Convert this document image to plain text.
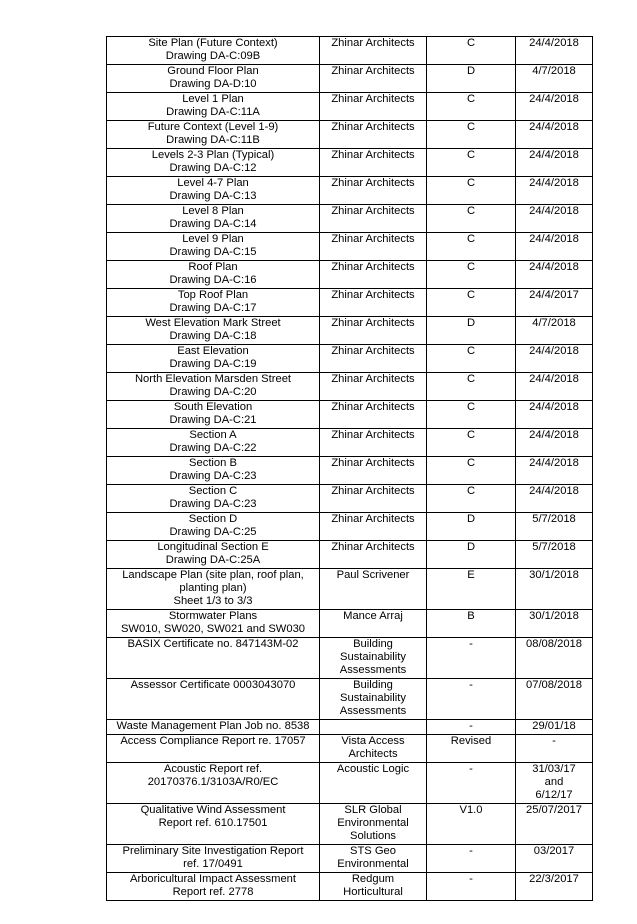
Site Plan (Future Context)
Drawing DA-C:09B	Zhinar Architects	C	24/4/2018

Ground Floor Plan
Drawing DA-D:10	Zhinar Architects	D	4/7/2018

Level 1 Plan
Drawing DA-C:11A	Zhinar Architects	C	24/4/2018

Future Context (Level 1-9)
Drawing DA-C:11B	Zhinar Architects	C	24/4/2018

Levels 2-3 Plan (Typical)
Drawing DA-C:12	Zhinar Architects	C	24/4/2018

Level 4-7 Plan
Drawing DA-C:13	Zhinar Architects	C	24/4/2018

Level 8 Plan
Drawing DA-C:14	Zhinar Architects	C	24/4/2018

Level 9 Plan
Drawing DA-C:15	Zhinar Architects	C	24/4/2018

Roof Plan
Drawing DA-C:16	Zhinar Architects	C	24/4/2018

Top Roof Plan
Drawing DA-C:17	Zhinar Architects	C	24/4/2017

West Elevation Mark Street
Drawing DA-C:18	Zhinar Architects	D	4/7/2018

East Elevation
Drawing DA-C:19	Zhinar Architects	C	24/4/2018

North Elevation Marsden Street
Drawing DA-C:20	Zhinar Architects	C	24/4/2018

South Elevation
Drawing DA-C:21	Zhinar Architects	C	24/4/2018

Section A
Drawing DA-C:22	Zhinar Architects	C	24/4/2018

Section B
Drawing DA-C:23	Zhinar Architects	C	24/4/2018

Section C
Drawing DA-C:23	Zhinar Architects	C	24/4/2018

Section D
Drawing DA-C:25	Zhinar Architects	D	5/7/2018

Longitudinal Section E
Drawing DA-C:25A	Zhinar Architects	D	5/7/2018

Landscape Plan (site plan, roof plan,
planting plan)
Sheet 1/3 to 3/3	Paul Scrivener	E	30/1/2018

Stormwater Plans
SW010, SW020, SW021 and SW030	Mance Arraj	B	30/1/2018

BASIX Certificate no. 847143M-02	Building
Sustainability
Assessments	-	08/08/2018

Assessor Certificate 0003043070	Building
Sustainability
Assessments	-	07/08/2018

Waste Management Plan Job no. 8538		-	29/01/18

Access Compliance Report re. 17057	Vista Access
Architects	Revised	-

Acoustic Report ref.
20170376.1/3103A/R0/EC	Acoustic Logic	-	31/03/17
and
6/12/17

Qualitative Wind Assessment
Report ref. 610.17501	SLR Global
Environmental
Solutions	V1.0	25/07/2017

Preliminary Site Investigation Report
ref. 17/0491	STS Geo
Environmental	-	03/2017

Arboricultural Impact Assessment
Report ref. 2778	Redgum
Horticultural	-	22/3/2017
